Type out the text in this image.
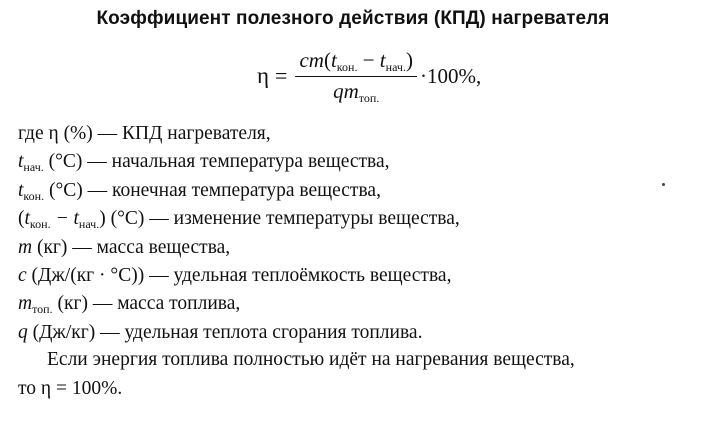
Коэффициент полезного действия (КПД) нагревателя
$\eta = \frac{cm(t_{кон.} - t_{нач.})}{qm_{топ.}} \cdot 100\%$,
где η (%) — КПД нагревателя,
$t_{нач.}$ (°С) — начальная температура вещества,
$t_{кон.}$ (°С) — конечная температура вещества,
$(t_{кон.} - t_{нач.})$ (°С) — изменение температуры вещества,
m (кг) — масса вещества,
c (Дж/(кг · °С)) — удельная теплоёмкость вещества,
$m_{топ.}$ (кг) — масса топлива,
q (Дж/кг) — удельная теплота сгорания топлива.
Если энергия топлива полностью идёт на нагревания вещества,
то η = 100%.
